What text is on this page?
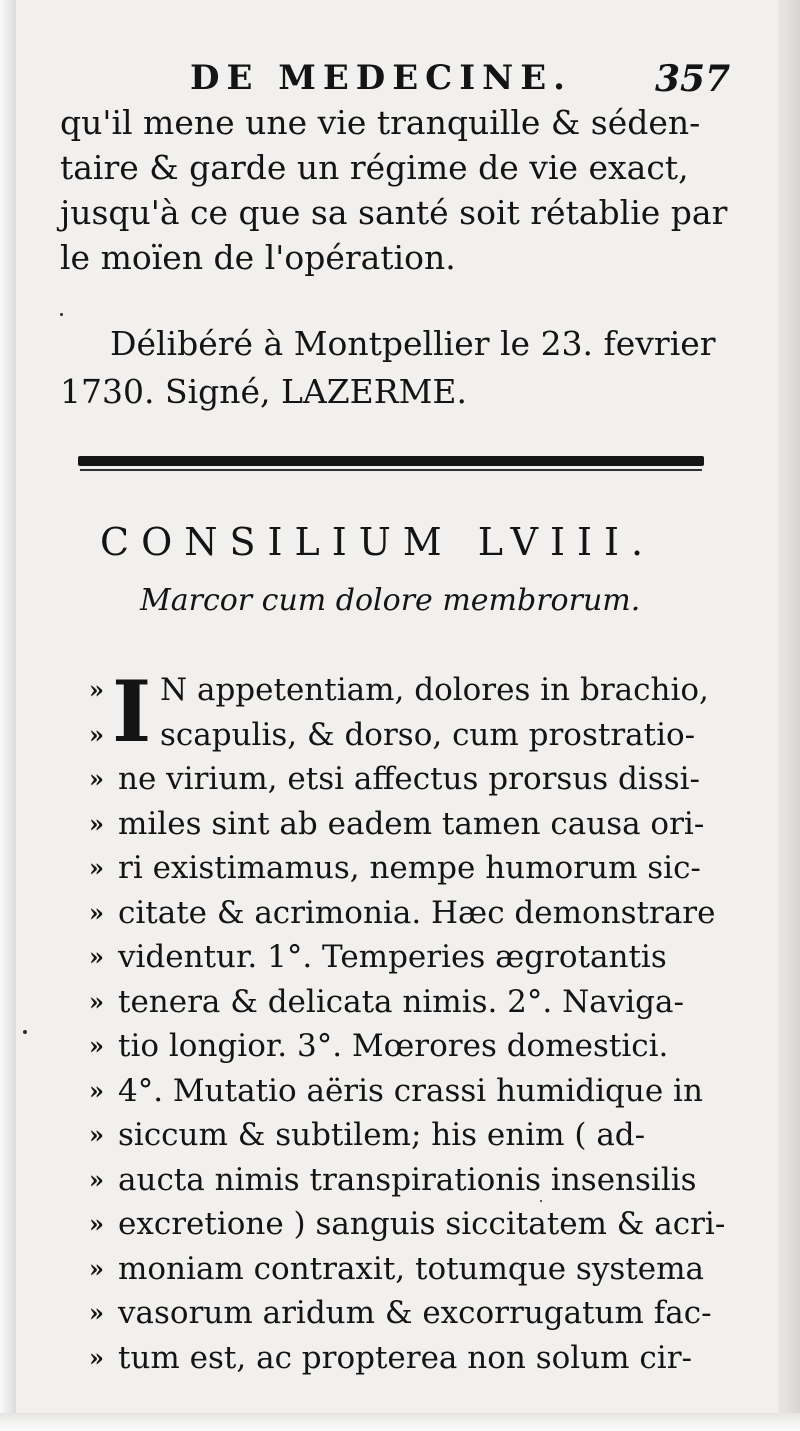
DE MEDECINE. 357
qu'il mene une vie tranquille & séden-
taire & garde un régime de vie exact,
jusqu'à ce que sa santé soit rétablie par
le moïen de l'opération.
Délibéré à Montpellier le 23. fevrier
1730. Signé, LAZERME.
CONSILIUM LVIII.
Marcor cum dolore membrorum.
»
»
»
»
»
»
»
»
»
»
»
»
»
»
»
»
I N appetentiam, dolores in brachio,
scapulis, & dorso, cum prostratio-
ne virium, etsi affectus prorsus dissi-
miles sint ab eadem tamen causa ori-
ri existimamus, nempe humorum sic-
citate & acrimonia. Hæc demonstrare
videntur. 1°. Temperies ægrotantis
tenera & delicata nimis. 2°. Naviga-
tio longior. 3°. Mœrores domestici.
4°. Mutatio aëris crassi humidique in
siccum & subtilem; his enim ( ad-
aucta nimis transpirationis insensilis
excretione ) sanguis siccitatem & acri-
moniam contraxit, totumque systema
vasorum aridum & excorrugatum fac-
tum est, ac propterea non solum cir-
